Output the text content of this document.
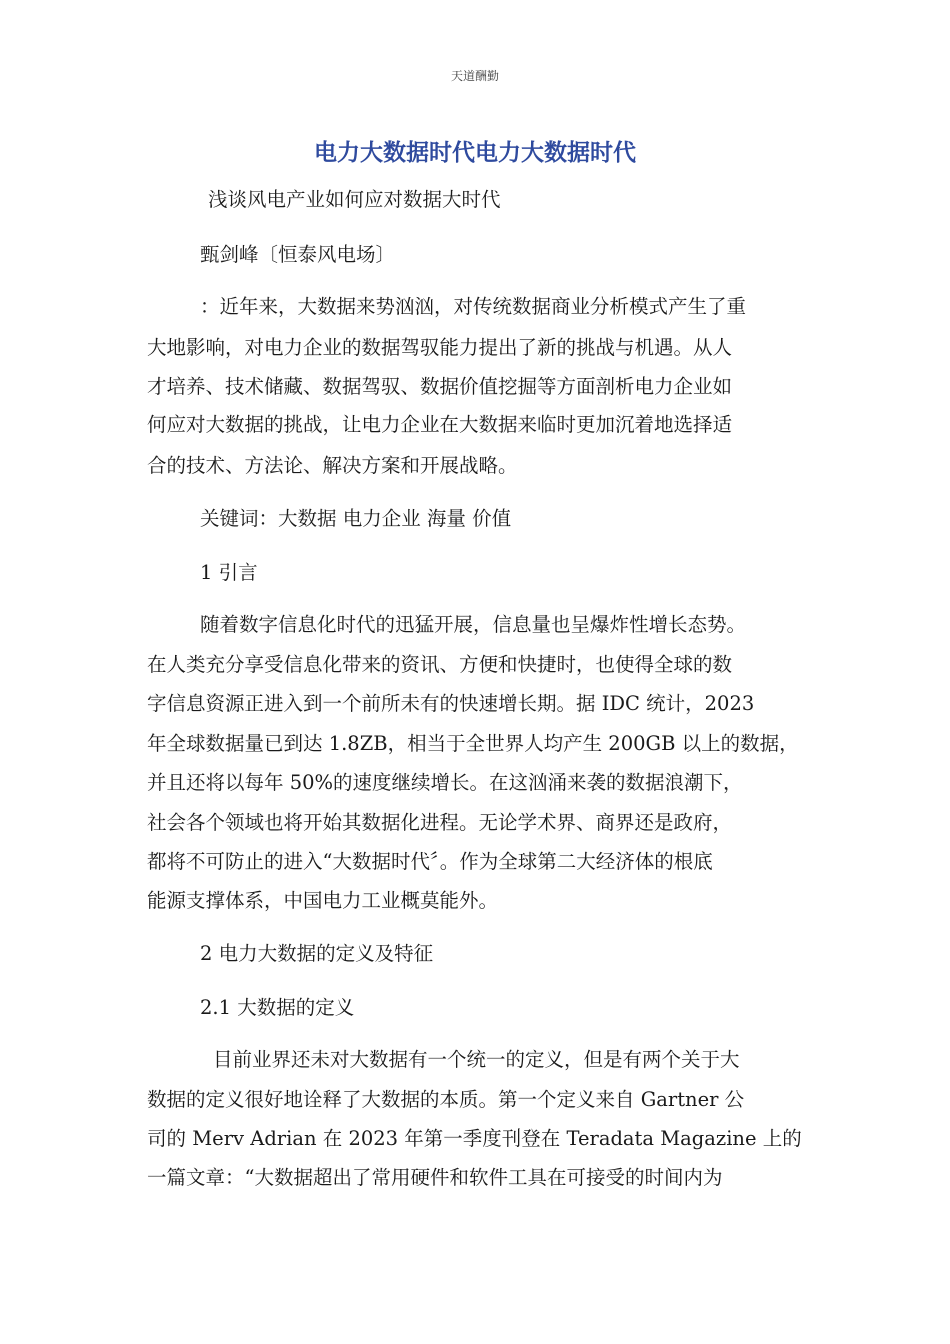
天道酬勤
电力大数据时代电力大数据时代
浅谈风电产业如何应对数据大时代
甄剑峰〔恒泰风电场〕
：近年来，大数据来势汹汹，对传统数据商业分析模式产生了重
大地影响，对电力企业的数据驾驭能力提出了新的挑战与机遇。从人
才培养、技术储藏、数据驾驭、数据价值挖掘等方面剖析电力企业如
何应对大数据的挑战，让电力企业在大数据来临时更加沉着地选择适
合的技术、方法论、解决方案和开展战略。
关键词：大数据 电力企业 海量 价值
1 引言
随着数字信息化时代的迅猛开展，信息量也呈爆炸性增长态势。
在人类充分享受信息化带来的资讯、方便和快捷时，也使得全球的数
字信息资源正进入到一个前所未有的快速增长期。据 IDC 统计，2023
年全球数据量已到达 1.8ZB，相当于全世界人均产生 200GB 以上的数据，
并且还将以每年 50%的速度继续增长。在这汹涌来袭的数据浪潮下，
社会各个领域也将开始其数据化进程。无论学术界、商界还是政府，
都将不可防止的进入“大数据时代〞。作为全球第二大经济体的根底
能源支撑体系，中国电力工业概莫能外。
2 电力大数据的定义及特征
2.1 大数据的定义
目前业界还未对大数据有一个统一的定义，但是有两个关于大
数据的定义很好地诠释了大数据的本质。第一个定义来自 Gartner 公
司的 Merv Adrian 在 2023 年第一季度刊登在 Teradata Magazine 上的
一篇文章：“大数据超出了常用硬件和软件工具在可接受的时间内为
